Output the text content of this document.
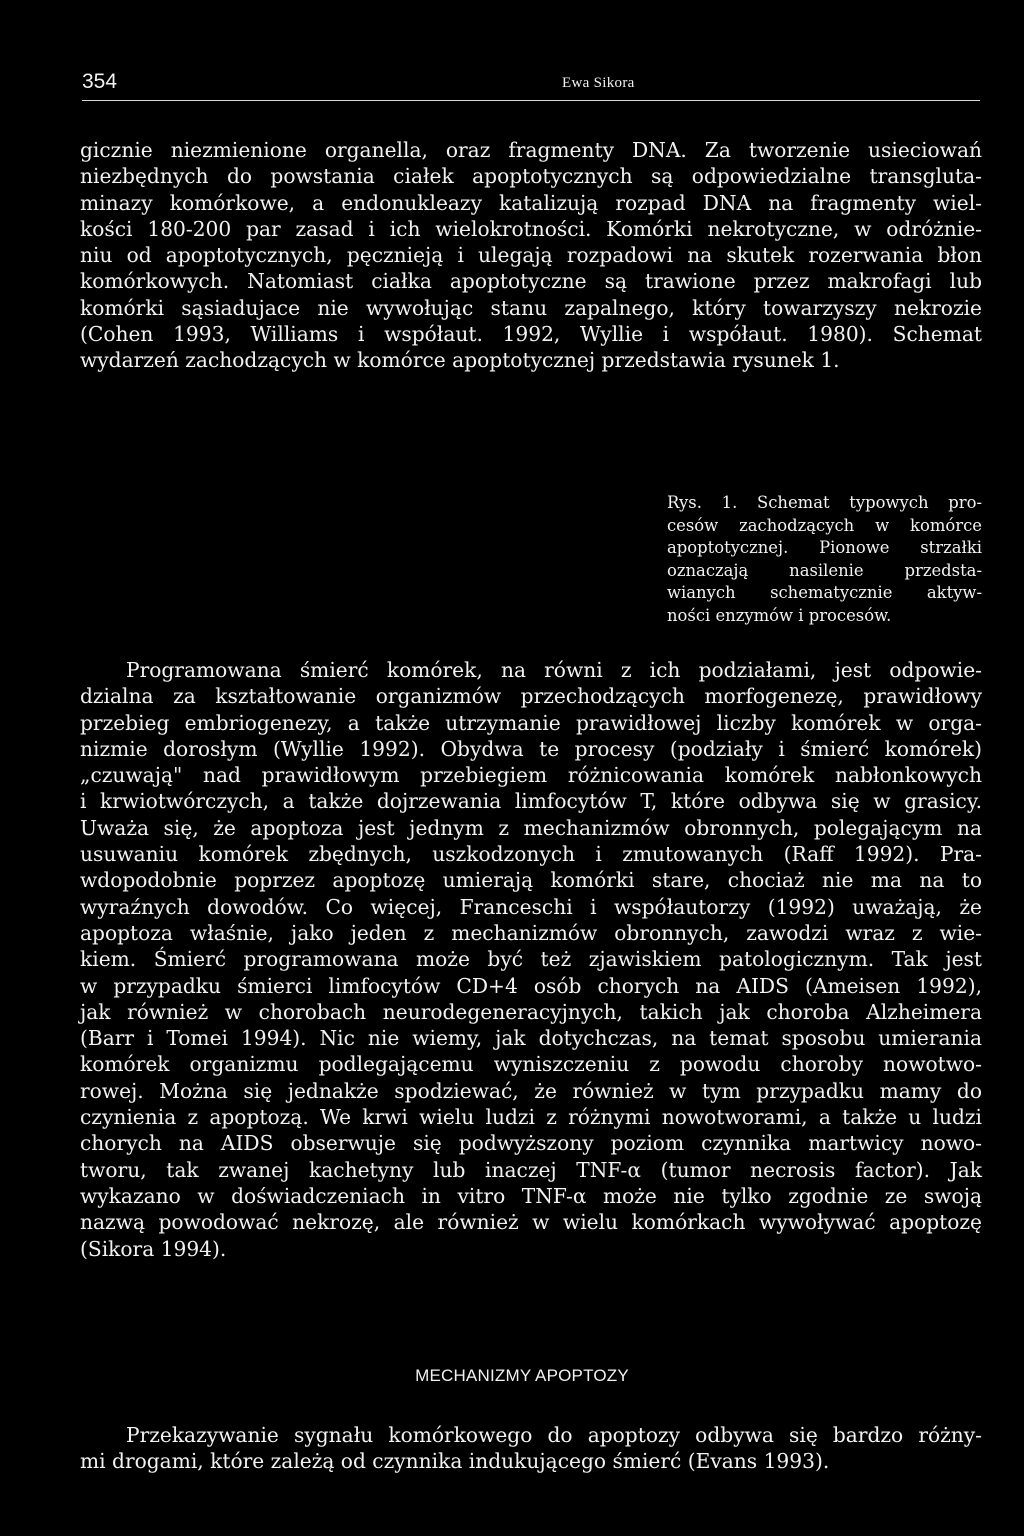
354	Ewa Sikora

gicznie niezmienione organella, oraz fragmenty DNA. Za tworzenie usieciowań
niezbędnych do powstania ciałek apoptotycznych są odpowiedzialne transgluta-
minazy komórkowe, a endonukleazy katalizują rozpad DNA na fragmenty wiel-
kości 180-200 par zasad i ich wielokrotności. Komórki nekrotyczne, w odróżnie-
niu od apoptotycznych, pęcznieją i ulegają rozpadowi na skutek rozerwania błon
komórkowych. Natomiast ciałka apoptotyczne są trawione przez makrofagi lub
komórki sąsiadujace nie wywołując stanu zapalnego, który towarzyszy nekrozie
(Cohen 1993, Williams i współaut. 1992, Wyllie i współaut. 1980). Schemat
wydarzeń zachodzących w komórce apoptotycznej przedstawia rysunek 1.

Rys. 1. Schemat typowych pro-
cesów zachodzących w komórce
apoptotycznej. Pionowe strzałki
oznaczają nasilenie przedsta-
wianych schematycznie aktyw-
ności enzymów i procesów.

Programowana śmierć komórek, na równi z ich podziałami, jest odpowie-
dzialna za kształtowanie organizmów przechodzących morfogenezę, prawidłowy
przebieg embriogenezy, a także utrzymanie prawidłowej liczby komórek w orga-
nizmie dorosłym (Wyllie 1992). Obydwa te procesy (podziały i śmierć komórek)
„czuwają" nad prawidłowym przebiegiem różnicowania komórek nabłonkowych
i krwiotwórczych, a także dojrzewania limfocytów T, które odbywa się w grasicy.
Uważa się, że apoptoza jest jednym z mechanizmów obronnych, polegającym na
usuwaniu komórek zbędnych, uszkodzonych i zmutowanych (Raff 1992). Pra-
wdopodobnie poprzez apoptozę umierają komórki stare, chociaż nie ma na to
wyraźnych dowodów. Co więcej, Franceschi i współautorzy (1992) uważają, że
apoptoza właśnie, jako jeden z mechanizmów obronnych, zawodzi wraz z wie-
kiem. Śmierć programowana może być też zjawiskiem patologicznym. Tak jest
w przypadku śmierci limfocytów CD+4 osób chorych na AIDS (Ameisen 1992),
jak również w chorobach neurodegeneracyjnych, takich jak choroba Alzheimera
(Barr i Tomei 1994). Nic nie wiemy, jak dotychczas, na temat sposobu umierania
komórek organizmu podlegającemu wyniszczeniu z powodu choroby nowotwo-
rowej. Można się jednakże spodziewać, że również w tym przypadku mamy do
czynienia z apoptozą. We krwi wielu ludzi z różnymi nowotworami, a także u ludzi
chorych na AIDS obserwuje się podwyższony poziom czynnika martwicy nowo-
tworu, tak zwanej kachetyny lub inaczej TNF-α (tumor necrosis factor). Jak
wykazano w doświadczeniach in vitro TNF-α może nie tylko zgodnie ze swoją
nazwą powodować nekrozę, ale również w wielu komórkach wywoływać apoptozę
(Sikora 1994).

MECHANIZMY APOPTOZY

Przekazywanie sygnału komórkowego do apoptozy odbywa się bardzo różny-
mi drogami, które zależą od czynnika indukującego śmierć (Evans 1993).
